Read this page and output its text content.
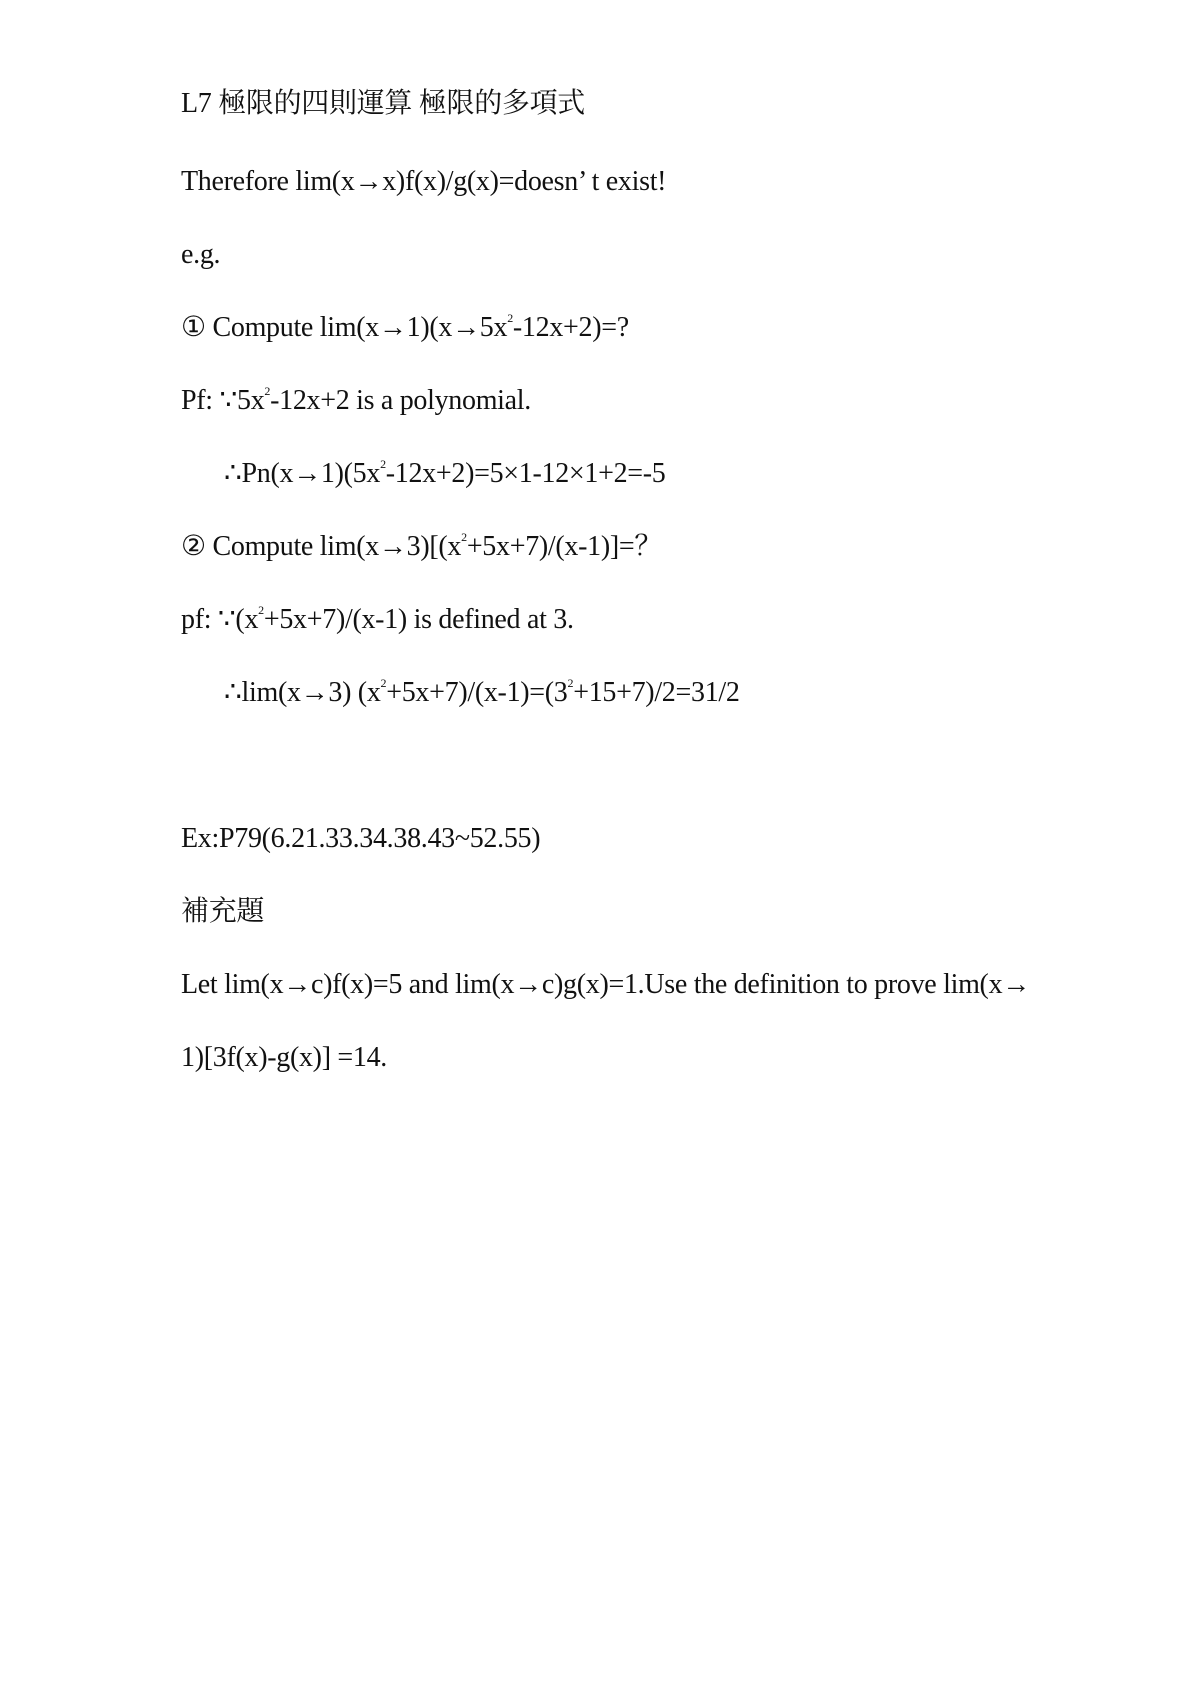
L7 極限的四則運算 極限的多項式
Therefore lim(x→x)f(x)/g(x)=doesn’ t exist!
e.g.
① Compute $\lim(x\to 1)(x\to 5x^2-12x+2)=$?
Pf: $\because 5x^2-12x+2$ is a polynomial.
$\therefore Pn(x\to 1)(5x^2-12x+2)=5\times 1-12\times 1+2=-5$
② Compute $\lim(x\to 3)[(x^2+5x+7)/(x-1)]=$？
pf: $\because(x^2+5x+7)/(x-1)$ is defined at 3.
∴lim(x→3) $(x^2+5x+7)/(x-1)=(3^2+15+7)/2=31/2$
Ex:P79(6.21.33.34.38.43~52.55)
補充題
Let lim(x→c)f(x)=5 and lim(x→c)g(x)=1.Use the definition to prove lim(x→
1)[3f(x)-g(x)] =14.
